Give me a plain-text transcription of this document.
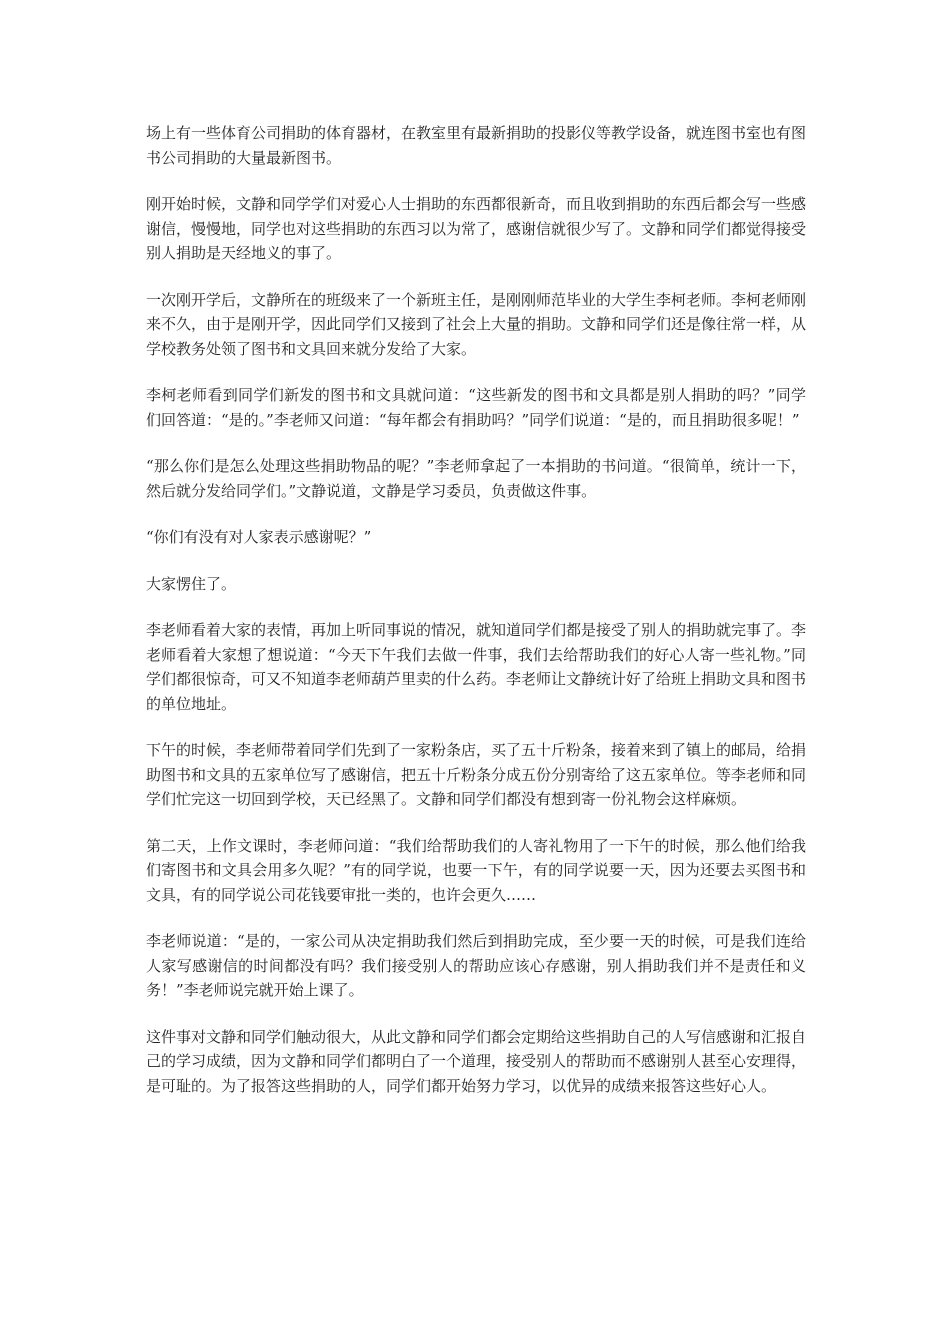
场上有一些体育公司捐助的体育器材，在教室里有最新捐助的投影仪等教学设备，就连图书室也有图书公司捐助的大量最新图书。

刚开始时候，文静和同学学们对爱心人士捐助的东西都很新奇，而且收到捐助的东西后都会写一些感谢信，慢慢地，同学也对这些捐助的东西习以为常了，感谢信就很少写了。文静和同学们都觉得接受别人捐助是天经地义的事了。

一次刚开学后，文静所在的班级来了一个新班主任，是刚刚师范毕业的大学生李柯老师。李柯老师刚来不久，由于是刚开学，因此同学们又接到了社会上大量的捐助。文静和同学们还是像往常一样，从学校教务处领了图书和文具回来就分发给了大家。

李柯老师看到同学们新发的图书和文具就问道：“这些新发的图书和文具都是别人捐助的吗？”同学们回答道：“是的。”李老师又问道：“每年都会有捐助吗？”同学们说道：“是的，而且捐助很多呢！”

“那么你们是怎么处理这些捐助物品的呢？”李老师拿起了一本捐助的书问道。“很简单，统计一下，然后就分发给同学们。”文静说道，文静是学习委员，负责做这件事。

“你们有没有对人家表示感谢呢？”

大家愣住了。

李老师看着大家的表情，再加上听同事说的情况，就知道同学们都是接受了别人的捐助就完事了。李老师看着大家想了想说道：“今天下午我们去做一件事，我们去给帮助我们的好心人寄一些礼物。”同学们都很惊奇，可又不知道李老师葫芦里卖的什么药。李老师让文静统计好了给班上捐助文具和图书的单位地址。

下午的时候，李老师带着同学们先到了一家粉条店，买了五十斤粉条，接着来到了镇上的邮局，给捐助图书和文具的五家单位写了感谢信，把五十斤粉条分成五份分别寄给了这五家单位。等李老师和同学们忙完这一切回到学校，天已经黑了。文静和同学们都没有想到寄一份礼物会这样麻烦。

第二天，上作文课时，李老师问道：“我们给帮助我们的人寄礼物用了一下午的时候，那么他们给我们寄图书和文具会用多久呢？”有的同学说，也要一下午，有的同学说要一天，因为还要去买图书和文具，有的同学说公司花钱要审批一类的，也许会更久……

李老师说道：“是的，一家公司从决定捐助我们然后到捐助完成，至少要一天的时候，可是我们连给人家写感谢信的时间都没有吗？我们接受别人的帮助应该心存感谢，别人捐助我们并不是责任和义务！”李老师说完就开始上课了。

这件事对文静和同学们触动很大，从此文静和同学们都会定期给这些捐助自己的人写信感谢和汇报自己的学习成绩，因为文静和同学们都明白了一个道理，接受别人的帮助而不感谢别人甚至心安理得，是可耻的。为了报答这些捐助的人，同学们都开始努力学习，以优异的成绩来报答这些好心人。
